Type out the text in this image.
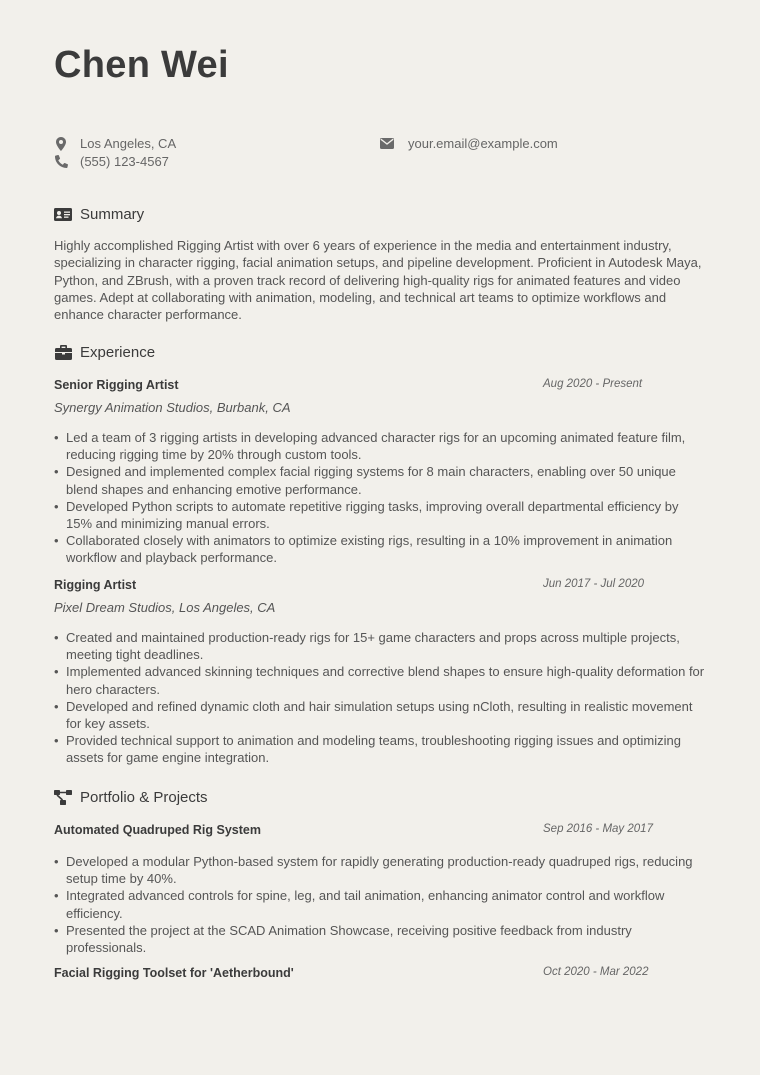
Chen Wei
Los Angeles, CA
(555) 123-4567
your.email@example.com
Summary

Highly accomplished Rigging Artist with over 6 years of experience in the media and entertainment industry, specializing in character rigging, facial animation setups, and pipeline development. Proficient in Autodesk Maya, Python, and ZBrush, with a proven track record of delivering high-quality rigs for animated features and video games. Adept at collaborating with animation, modeling, and technical art teams to optimize workflows and enhance character performance.

Experience
Senior Rigging Artist	Aug 2020 - Present
Synergy Animation Studios, Burbank, CA
• Led a team of 3 rigging artists in developing advanced character rigs for an upcoming animated feature film, reducing rigging time by 20% through custom tools.
• Designed and implemented complex facial rigging systems for 8 main characters, enabling over 50 unique blend shapes and enhancing emotive performance.
• Developed Python scripts to automate repetitive rigging tasks, improving overall departmental efficiency by 15% and minimizing manual errors.
• Collaborated closely with animators to optimize existing rigs, resulting in a 10% improvement in animation workflow and playback performance.
Rigging Artist	Jun 2017 - Jul 2020
Pixel Dream Studios, Los Angeles, CA
• Created and maintained production-ready rigs for 15+ game characters and props across multiple projects, meeting tight deadlines.
• Implemented advanced skinning techniques and corrective blend shapes to ensure high-quality deformation for hero characters.
• Developed and refined dynamic cloth and hair simulation setups using nCloth, resulting in realistic movement for key assets.
• Provided technical support to animation and modeling teams, troubleshooting rigging issues and optimizing assets for game engine integration.
Portfolio & Projects
Automated Quadruped Rig System	Sep 2016 - May 2017
• Developed a modular Python-based system for rapidly generating production-ready quadruped rigs, reducing setup time by 40%.
• Integrated advanced controls for spine, leg, and tail animation, enhancing animator control and workflow efficiency.
• Presented the project at the SCAD Animation Showcase, receiving positive feedback from industry professionals.
Facial Rigging Toolset for 'Aetherbound'	Oct 2020 - Mar 2022
